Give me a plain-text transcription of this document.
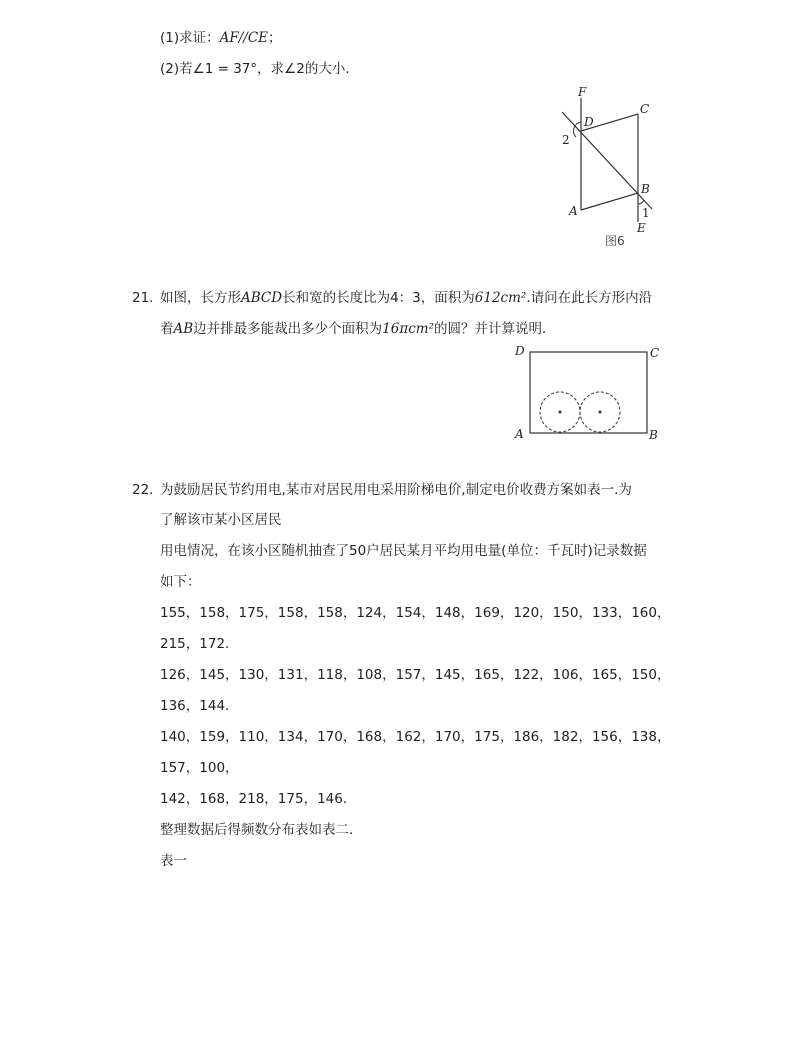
(1)求证：AF//CE；
(2)若∠1 = 37°，求∠2的大小．
F
D
C
2
B
A	1
E
图6
21. 如图，长方形ABCD长和宽的长度比为4：3，面积为612cm².请问在此长方形内沿
着AB边并排最多能裁出多少个面积为16πcm²的圆？并计算说明．
D	C
A	B
22. 为鼓励居民节约用电,某市对居民用电采用阶梯电价,制定电价收费方案如表一.为
了解该市某小区居民
用电情况，在该小区随机抽查了50户居民某月平均用电量(单位：千瓦时)记录数据
如下：
155，158，175，158，158，124，154，148，169，120，150，133，160，
215，172．
126，145，130，131，118，108，157，145，165，122，106，165，150，
136，144．
140，159，110，134，170，168，162，170，175，186，182，156，138，
157，100，
142，168，218，175，146．
整理数据后得频数分布表如表二．
表一
